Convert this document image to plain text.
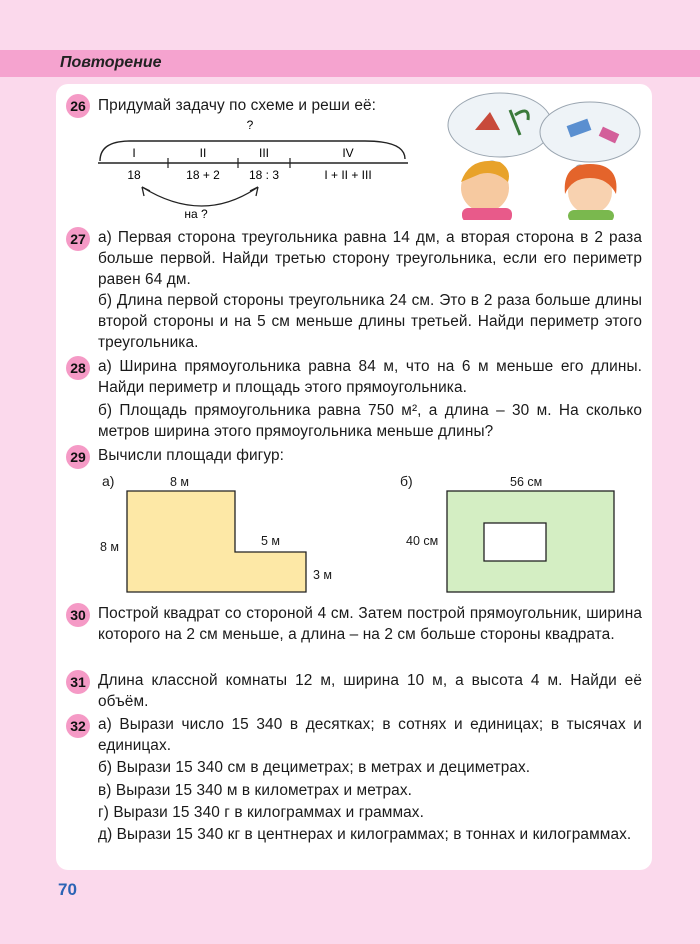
Повторение
26 Придумай задачу по схеме и реши её:
?
I	II	III	IV
18	18 + 2 18 : 3	I + II + III
на ?
27 а) Первая сторона треугольника равна 14 дм, а вторая сторона в 2 раза больше первой. Найди третью сторону треугольника, если его периметр равен 64 дм.
б) Длина первой стороны треугольника 24 см. Это в 2 раза больше длины второй стороны и на 5 см меньше длины третьей. Найди периметр этого треугольника.
28 а) Ширина прямоугольника равна 84 м, что на 6 м меньше его длины. Найди периметр и площадь этого прямоугольника.
б) Площадь прямоугольника равна 750 м², а длина – 30 м. На сколько метров ширина этого прямоугольника меньше длины?
29 Вычисли площади фигур:
а)	8 м
8 м	5 м
3 м
б)	56 см
40 см
30 Построй квадрат со стороной 4 см. Затем построй прямоугольник, ширина которого на 2 см меньше, а длина – на 2 см больше стороны квадрата.
31 Длина классной комнаты 12 м, ширина 10 м, а высота 4 м. Найди её объём.
32 а) Вырази число 15 340 в десятках; в сотнях и единицах; в тысячах и единицах.
б) Вырази 15 340 см в дециметрах; в метрах и дециметрах.
в) Вырази 15 340 м в километрах и метрах.
г) Вырази 15 340 г в килограммах и граммах.
д) Вырази 15 340 кг в центнерах и килограммах; в тоннах и килограммах.
70
